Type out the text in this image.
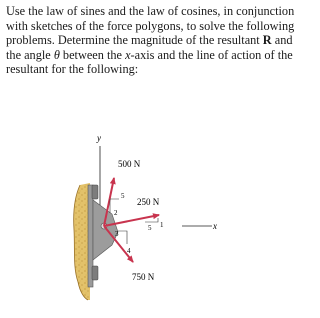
Use the law of sines and the law of cosines, in conjunction with sketches of the force polygons, to solve the following problems. Determine the magnitude of the resultant R and the angle θ between the x-axis and the line of action of the resultant for the following:

y
x
500 N
5
2
250 N
5 1
750 N
3
4
